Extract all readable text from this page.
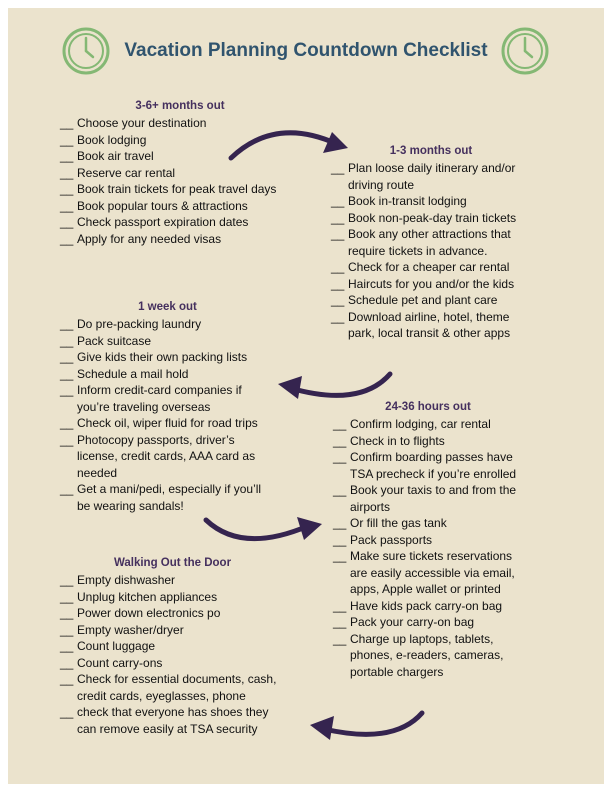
Vacation Planning Countdown Checklist
3-6+ months out
__ Choose your destination
__ Book lodging
__ Book air travel
__ Reserve car rental
__ Book train tickets for peak travel days
__ Book popular tours & attractions
__ Check passport expiration dates
__ Apply for any needed visas
1-3 months out
__ Plan loose daily itinerary and/or driving route
__ Book in-transit lodging
__ Book non-peak-day train tickets
__ Book any other attractions that require tickets in advance.
__ Check for a cheaper car rental
__ Haircuts for you and/or the kids
__ Schedule pet and plant care
__ Download airline, hotel, theme park, local transit & other apps
1 week out
__ Do pre-packing laundry
__ Pack suitcase
__ Give kids their own packing lists
__ Schedule a mail hold
__ Inform credit-card companies if you’re traveling overseas
__ Check oil, wiper fluid for road trips
__ Photocopy passports, driver’s license, credit cards, AAA card as needed
__ Get a mani/pedi, especially if you’ll be wearing sandals!
24-36 hours out
__ Confirm lodging, car rental
__ Check in to flights
__ Confirm boarding passes have TSA precheck if you’re enrolled
__ Book your taxis to and from the airports
__ Or fill the gas tank
__ Pack passports
__ Make sure tickets reservations are easily accessible via email, apps, Apple wallet or printed
__ Have kids pack carry-on bag
__ Pack your carry-on bag
__ Charge up laptops, tablets, phones, e-readers, cameras, portable chargers
Walking Out the Door
__ Empty dishwasher
__ Unplug kitchen appliances
__ Power down electronics po
__ Empty washer/dryer
__ Count luggage
__ Count carry-ons
__ Check for essential documents, cash, credit cards, eyeglasses, phone
__ check that everyone has shoes they can remove easily at TSA security
